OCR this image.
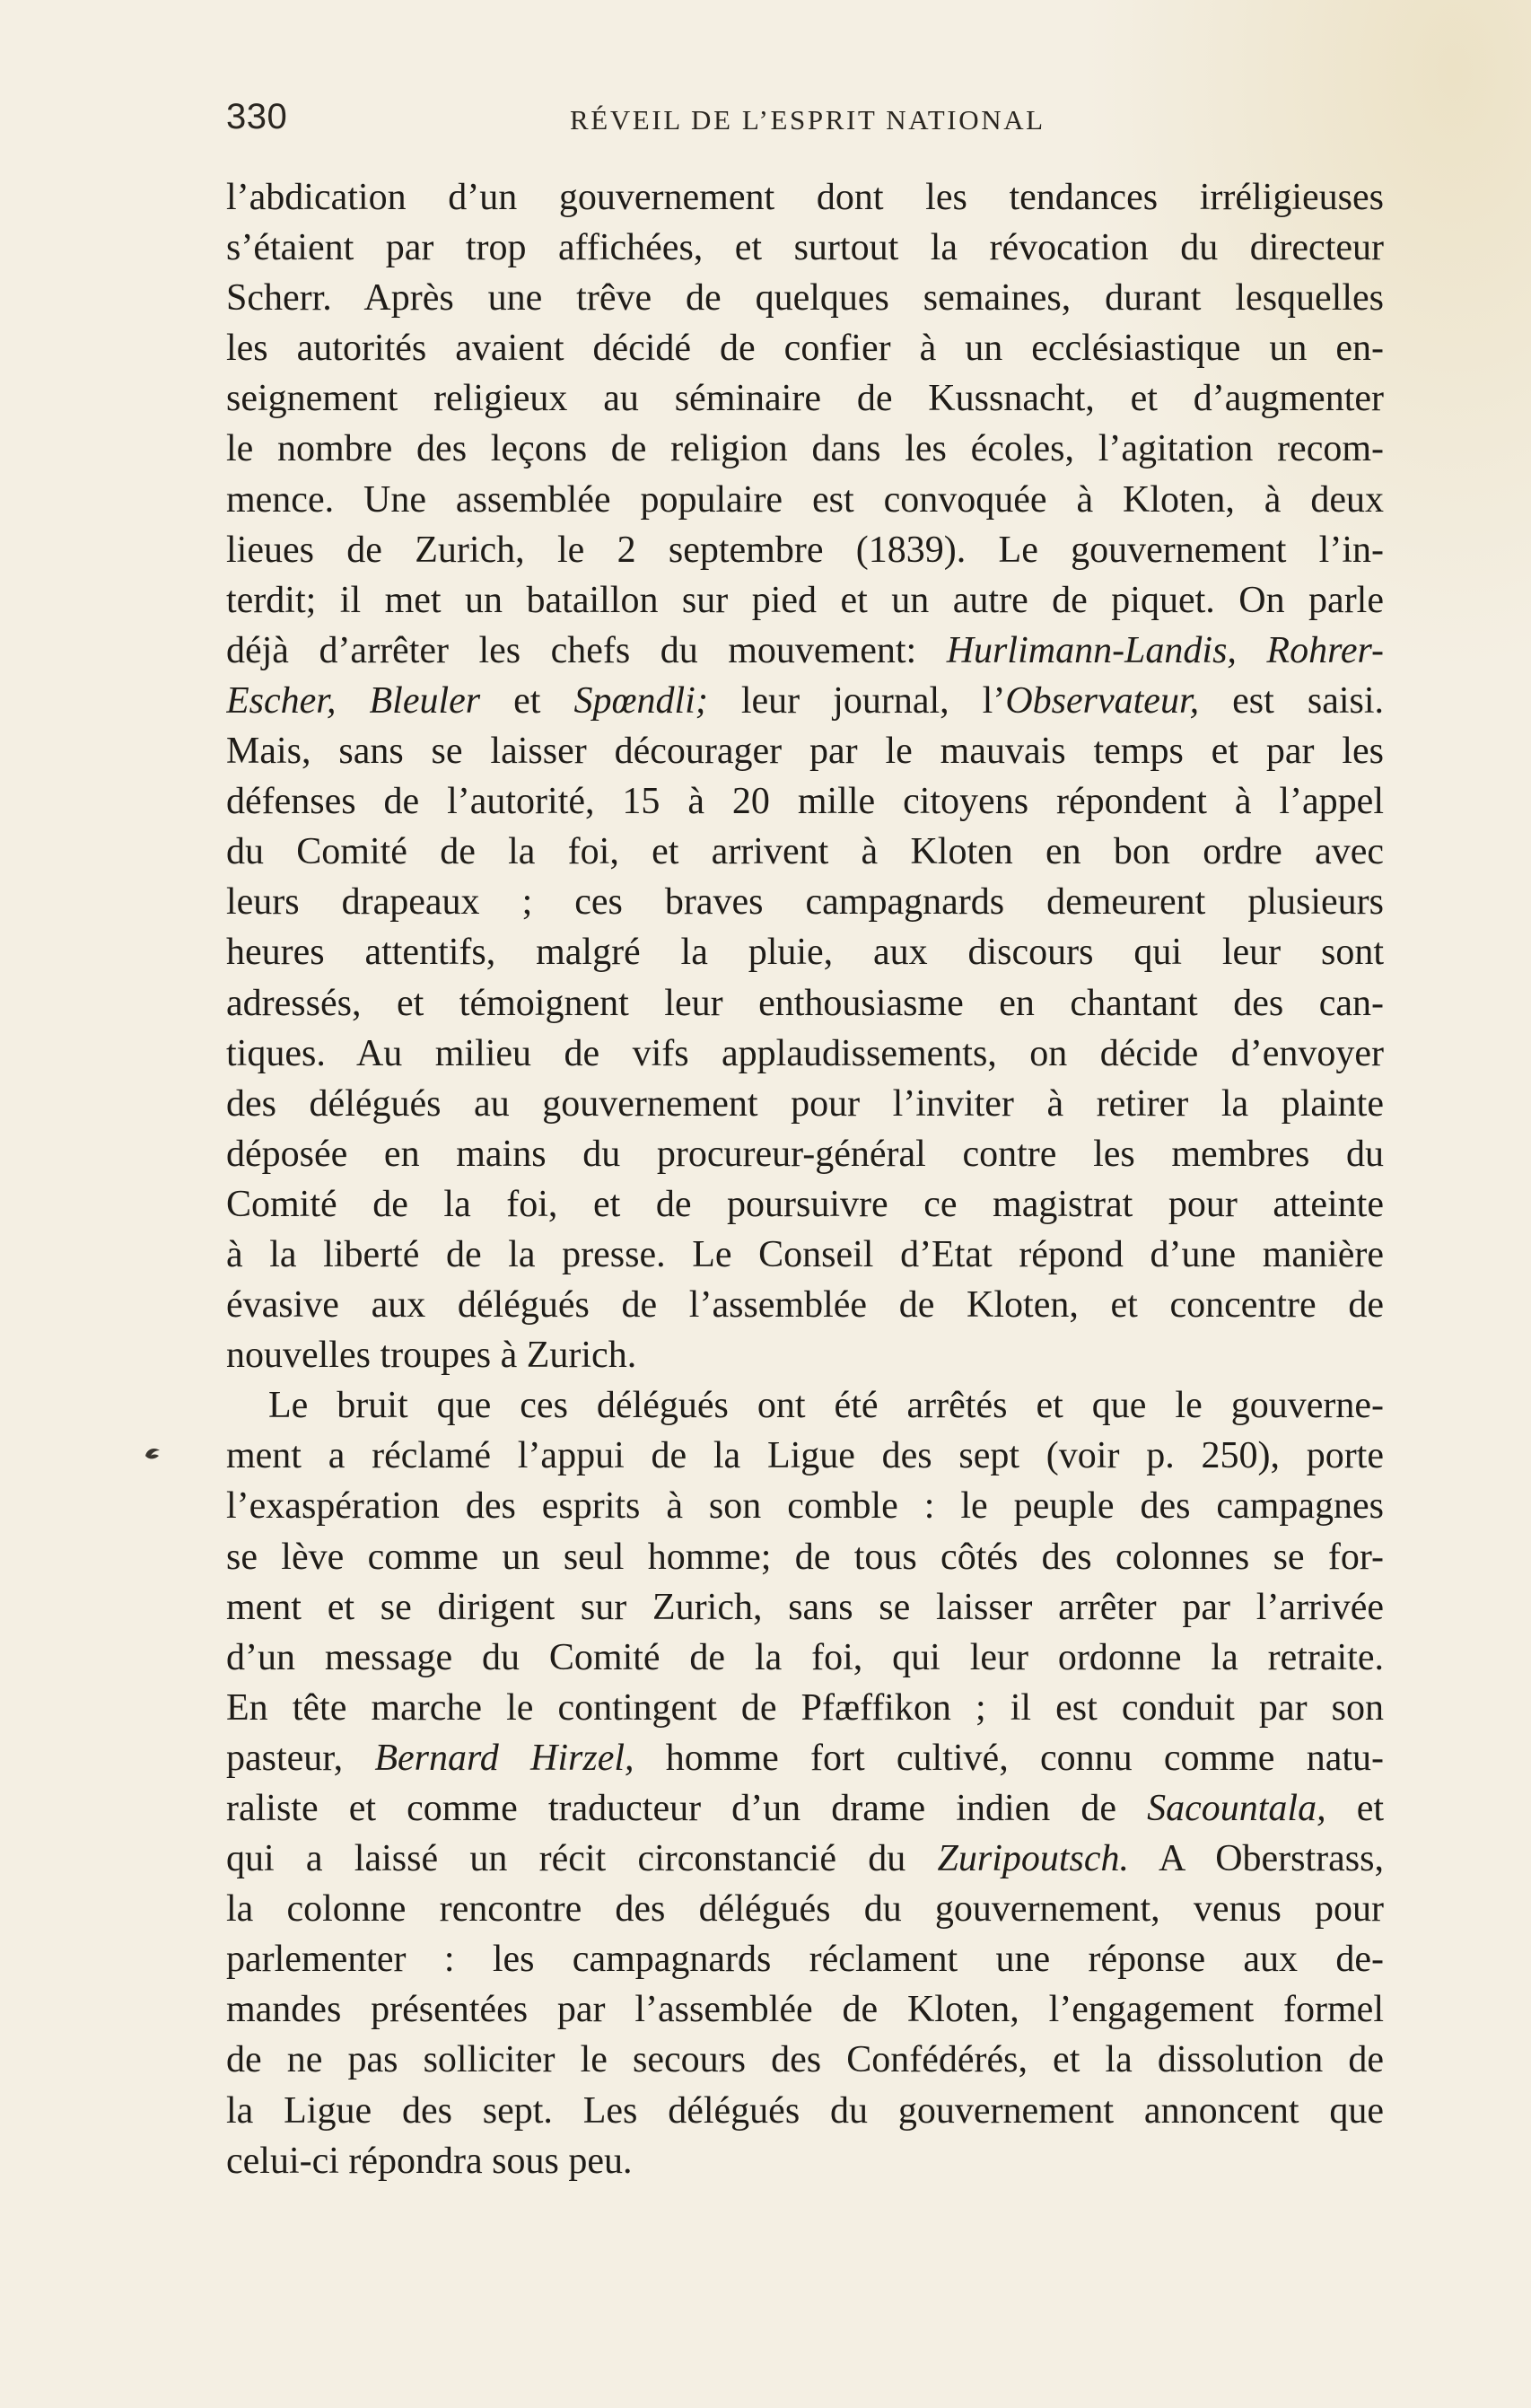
330	RÉVEIL DE L’ESPRIT NATIONAL
l’abdication d’un gouvernement dont les tendances irréligieuses
s’étaient par trop affichées, et surtout la révocation du directeur
Scherr. Après une trêve de quelques semaines, durant lesquelles
les autorités avaient décidé de confier à un ecclésiastique un en-
seignement religieux au séminaire de Kussnacht, et d’augmenter
le nombre des leçons de religion dans les écoles, l’agitation recom-
mence. Une assemblée populaire est convoquée à Kloten, à deux
lieues de Zurich, le 2 septembre (1839). Le gouvernement l’in-
terdit; il met un bataillon sur pied et un autre de piquet. On parle
déjà d’arrêter les chefs du mouvement: Hurlimann-Landis, Rohrer-
Escher, Bleuler et Spœndli; leur journal, l’Observateur, est saisi.
Mais, sans se laisser décourager par le mauvais temps et par les
défenses de l’autorité, 15 à 20 mille citoyens répondent à l’appel
du Comité de la foi, et arrivent à Kloten en bon ordre avec
leurs drapeaux ; ces braves campagnards demeurent plusieurs
heures attentifs, malgré la pluie, aux discours qui leur sont
adressés, et témoignent leur enthousiasme en chantant des can-
tiques. Au milieu de vifs applaudissements, on décide d’envoyer
des délégués au gouvernement pour l’inviter à retirer la plainte
déposée en mains du procureur-général contre les membres du
Comité de la foi, et de poursuivre ce magistrat pour atteinte
à la liberté de la presse. Le Conseil d’Etat répond d’une manière
évasive aux délégués de l’assemblée de Kloten, et concentre de
nouvelles troupes à Zurich.
Le bruit que ces délégués ont été arrêtés et que le gouverne-
ment a réclamé l’appui de la Ligue des sept (voir p. 250), porte
l’exaspération des esprits à son comble : le peuple des campagnes
se lève comme un seul homme; de tous côtés des colonnes se for-
ment et se dirigent sur Zurich, sans se laisser arrêter par l’arrivée
d’un message du Comité de la foi, qui leur ordonne la retraite.
En tête marche le contingent de Pfæffikon ; il est conduit par son
pasteur, Bernard Hirzel, homme fort cultivé, connu comme natu-
raliste et comme traducteur d’un drame indien de Sacountala, et
qui a laissé un récit circonstancié du Zuripoutsch. A Oberstrass,
la colonne rencontre des délégués du gouvernement, venus pour
parlementer : les campagnards réclament une réponse aux de-
mandes présentées par l’assemblée de Kloten, l’engagement formel
de ne pas solliciter le secours des Confédérés, et la dissolution de
la Ligue des sept. Les délégués du gouvernement annoncent que
celui-ci répondra sous peu.
